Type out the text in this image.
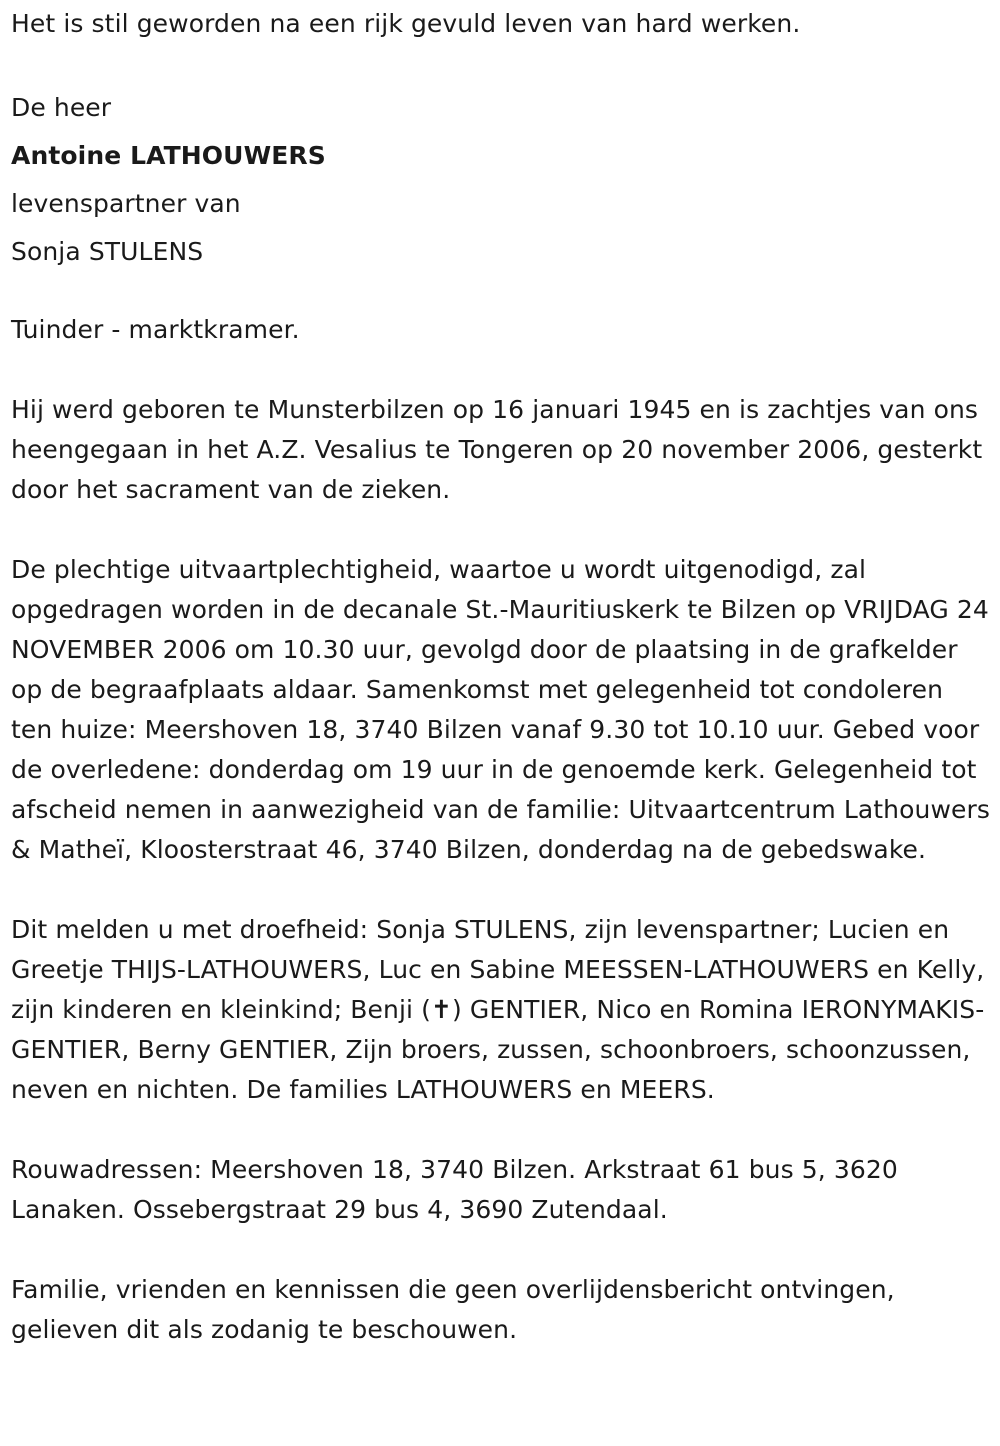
Het is stil geworden na een rijk gevuld leven van hard werken.

De heer

Antoine LATHOUWERS

levenspartner van

Sonja STULENS

Tuinder - marktkramer.

Hij werd geboren te Munsterbilzen op 16 januari 1945 en is zachtjes van ons heengegaan in het A.Z. Vesalius te Tongeren op 20 november 2006, gesterkt door het sacrament van de zieken.

De plechtige uitvaartplechtigheid, waartoe u wordt uitgenodigd, zal opgedragen worden in de decanale St.-Mauritiuskerk te Bilzen op VRIJDAG 24 NOVEMBER 2006 om 10.30 uur, gevolgd door de plaatsing in de grafkelder op de begraafplaats aldaar. Samenkomst met gelegenheid tot condoleren ten huize: Meershoven 18, 3740 Bilzen vanaf 9.30 tot 10.10 uur. Gebed voor de overledene: donderdag om 19 uur in de genoemde kerk. Gelegenheid tot afscheid nemen in aanwezigheid van de familie: Uitvaartcentrum Lathouwers & Matheï, Kloosterstraat 46, 3740 Bilzen, donderdag na de gebedswake.

Dit melden u met droefheid: Sonja STULENS, zijn levenspartner; Lucien en Greetje THIJS-LATHOUWERS, Luc en Sabine MEESSEN-LATHOUWERS en Kelly, zijn kinderen en kleinkind; Benji (✝) GENTIER, Nico en Romina IERONYMAKIS- GENTIER, Berny GENTIER, Zijn broers, zussen, schoonbroers, schoonzussen, neven en nichten. De families LATHOUWERS en MEERS.

Rouwadressen: Meershoven 18, 3740 Bilzen. Arkstraat 61 bus 5, 3620 Lanaken. Ossebergstraat 29 bus 4, 3690 Zutendaal.

Familie, vrienden en kennissen die geen overlijdensbericht ontvingen, gelieven dit als zodanig te beschouwen.
